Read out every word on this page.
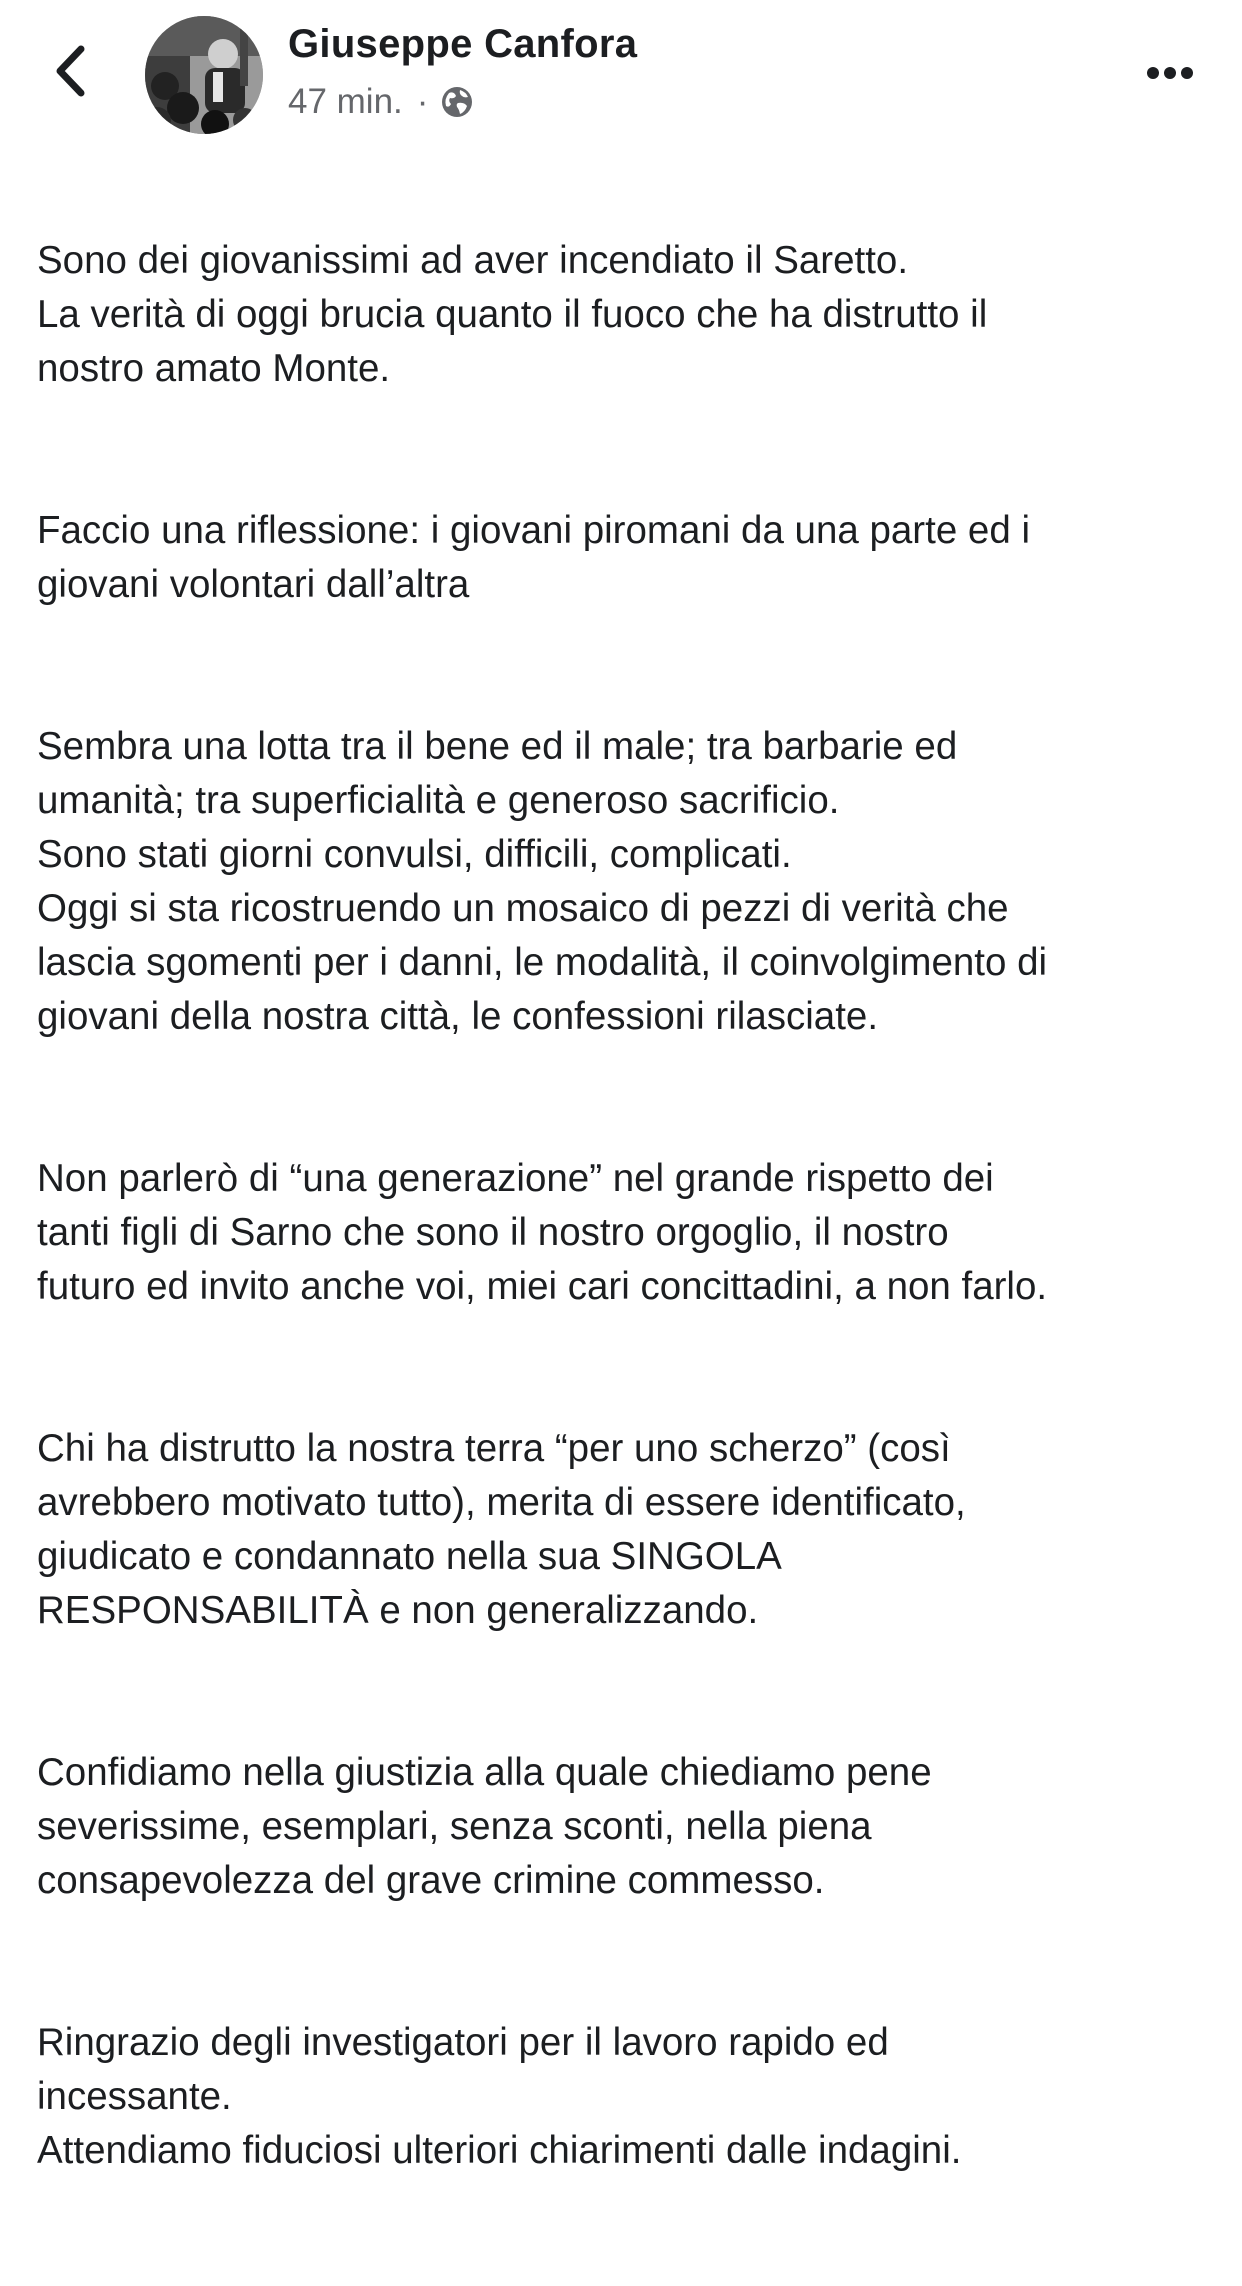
Giuseppe Canfora
47 min. ·

Sono dei giovanissimi ad aver incendiato il Saretto.
La verità di oggi brucia quanto il fuoco che ha distrutto il
nostro amato Monte.

Faccio una riflessione: i giovani piromani da una parte ed i
giovani volontari dall’altra

Sembra una lotta tra il bene ed il male; tra barbarie ed
umanità; tra superficialità e generoso sacrificio.
Sono stati giorni convulsi, difficili, complicati.
Oggi si sta ricostruendo un mosaico di pezzi di verità che
lascia sgomenti per i danni, le modalità, il coinvolgimento di
giovani della nostra città, le confessioni rilasciate.

Non parlerò di “una generazione” nel grande rispetto dei
tanti figli di Sarno che sono il nostro orgoglio, il nostro
futuro ed invito anche voi, miei cari concittadini, a non farlo.

Chi ha distrutto la nostra terra “per uno scherzo” (così
avrebbero motivato tutto), merita di essere identificato,
giudicato e condannato nella sua SINGOLA
RESPONSABILITÀ e non generalizzando.

Confidiamo nella giustizia alla quale chiediamo pene
severissime, esemplari, senza sconti, nella piena
consapevolezza del grave crimine commesso.

Ringrazio degli investigatori per il lavoro rapido ed
incessante.
Attendiamo fiduciosi ulteriori chiarimenti dalle indagini.
